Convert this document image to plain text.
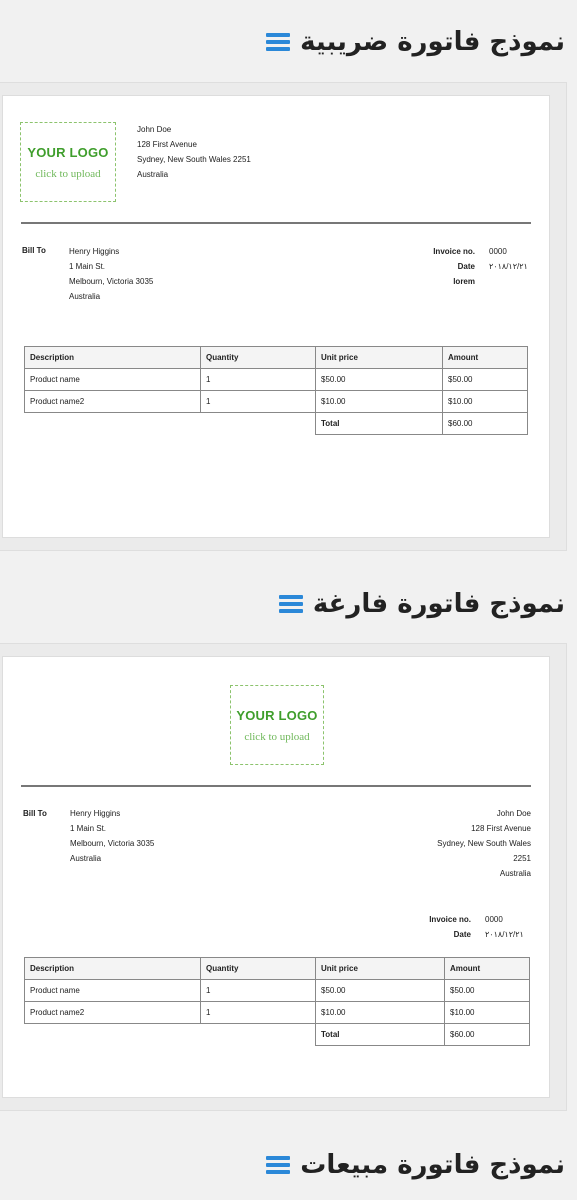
نموذج فاتورة ضريبية
YOUR LOGO
click to upload
John Doe
128 First Avenue
Sydney, New South Wales 2251
Australia
Bill To	Henry Higgins
1 Main St.
Melbourn, Victoria 3035
Australia
Invoice no. 0000
Date ٢٠١٨/١٢/٢١
lorem
Description	Quantity	Unit price	Amount
Product name	1	$50.00	$50.00
Product name2	1	$10.00	$10.00
		Total	$60.00
نموذج فاتورة فارغة
YOUR LOGO
click to upload
Bill To	Henry Higgins
1 Main St.
Melbourn, Victoria 3035
Australia
John Doe
128 First Avenue
Sydney, New South Wales
2251
Australia
Invoice no. 0000
Date ٢٠١٨/١٢/٢١
Description	Quantity	Unit price	Amount
Product name	1	$50.00	$50.00
Product name2	1	$10.00	$10.00
		Total	$60.00
نموذج فاتورة مبيعات
